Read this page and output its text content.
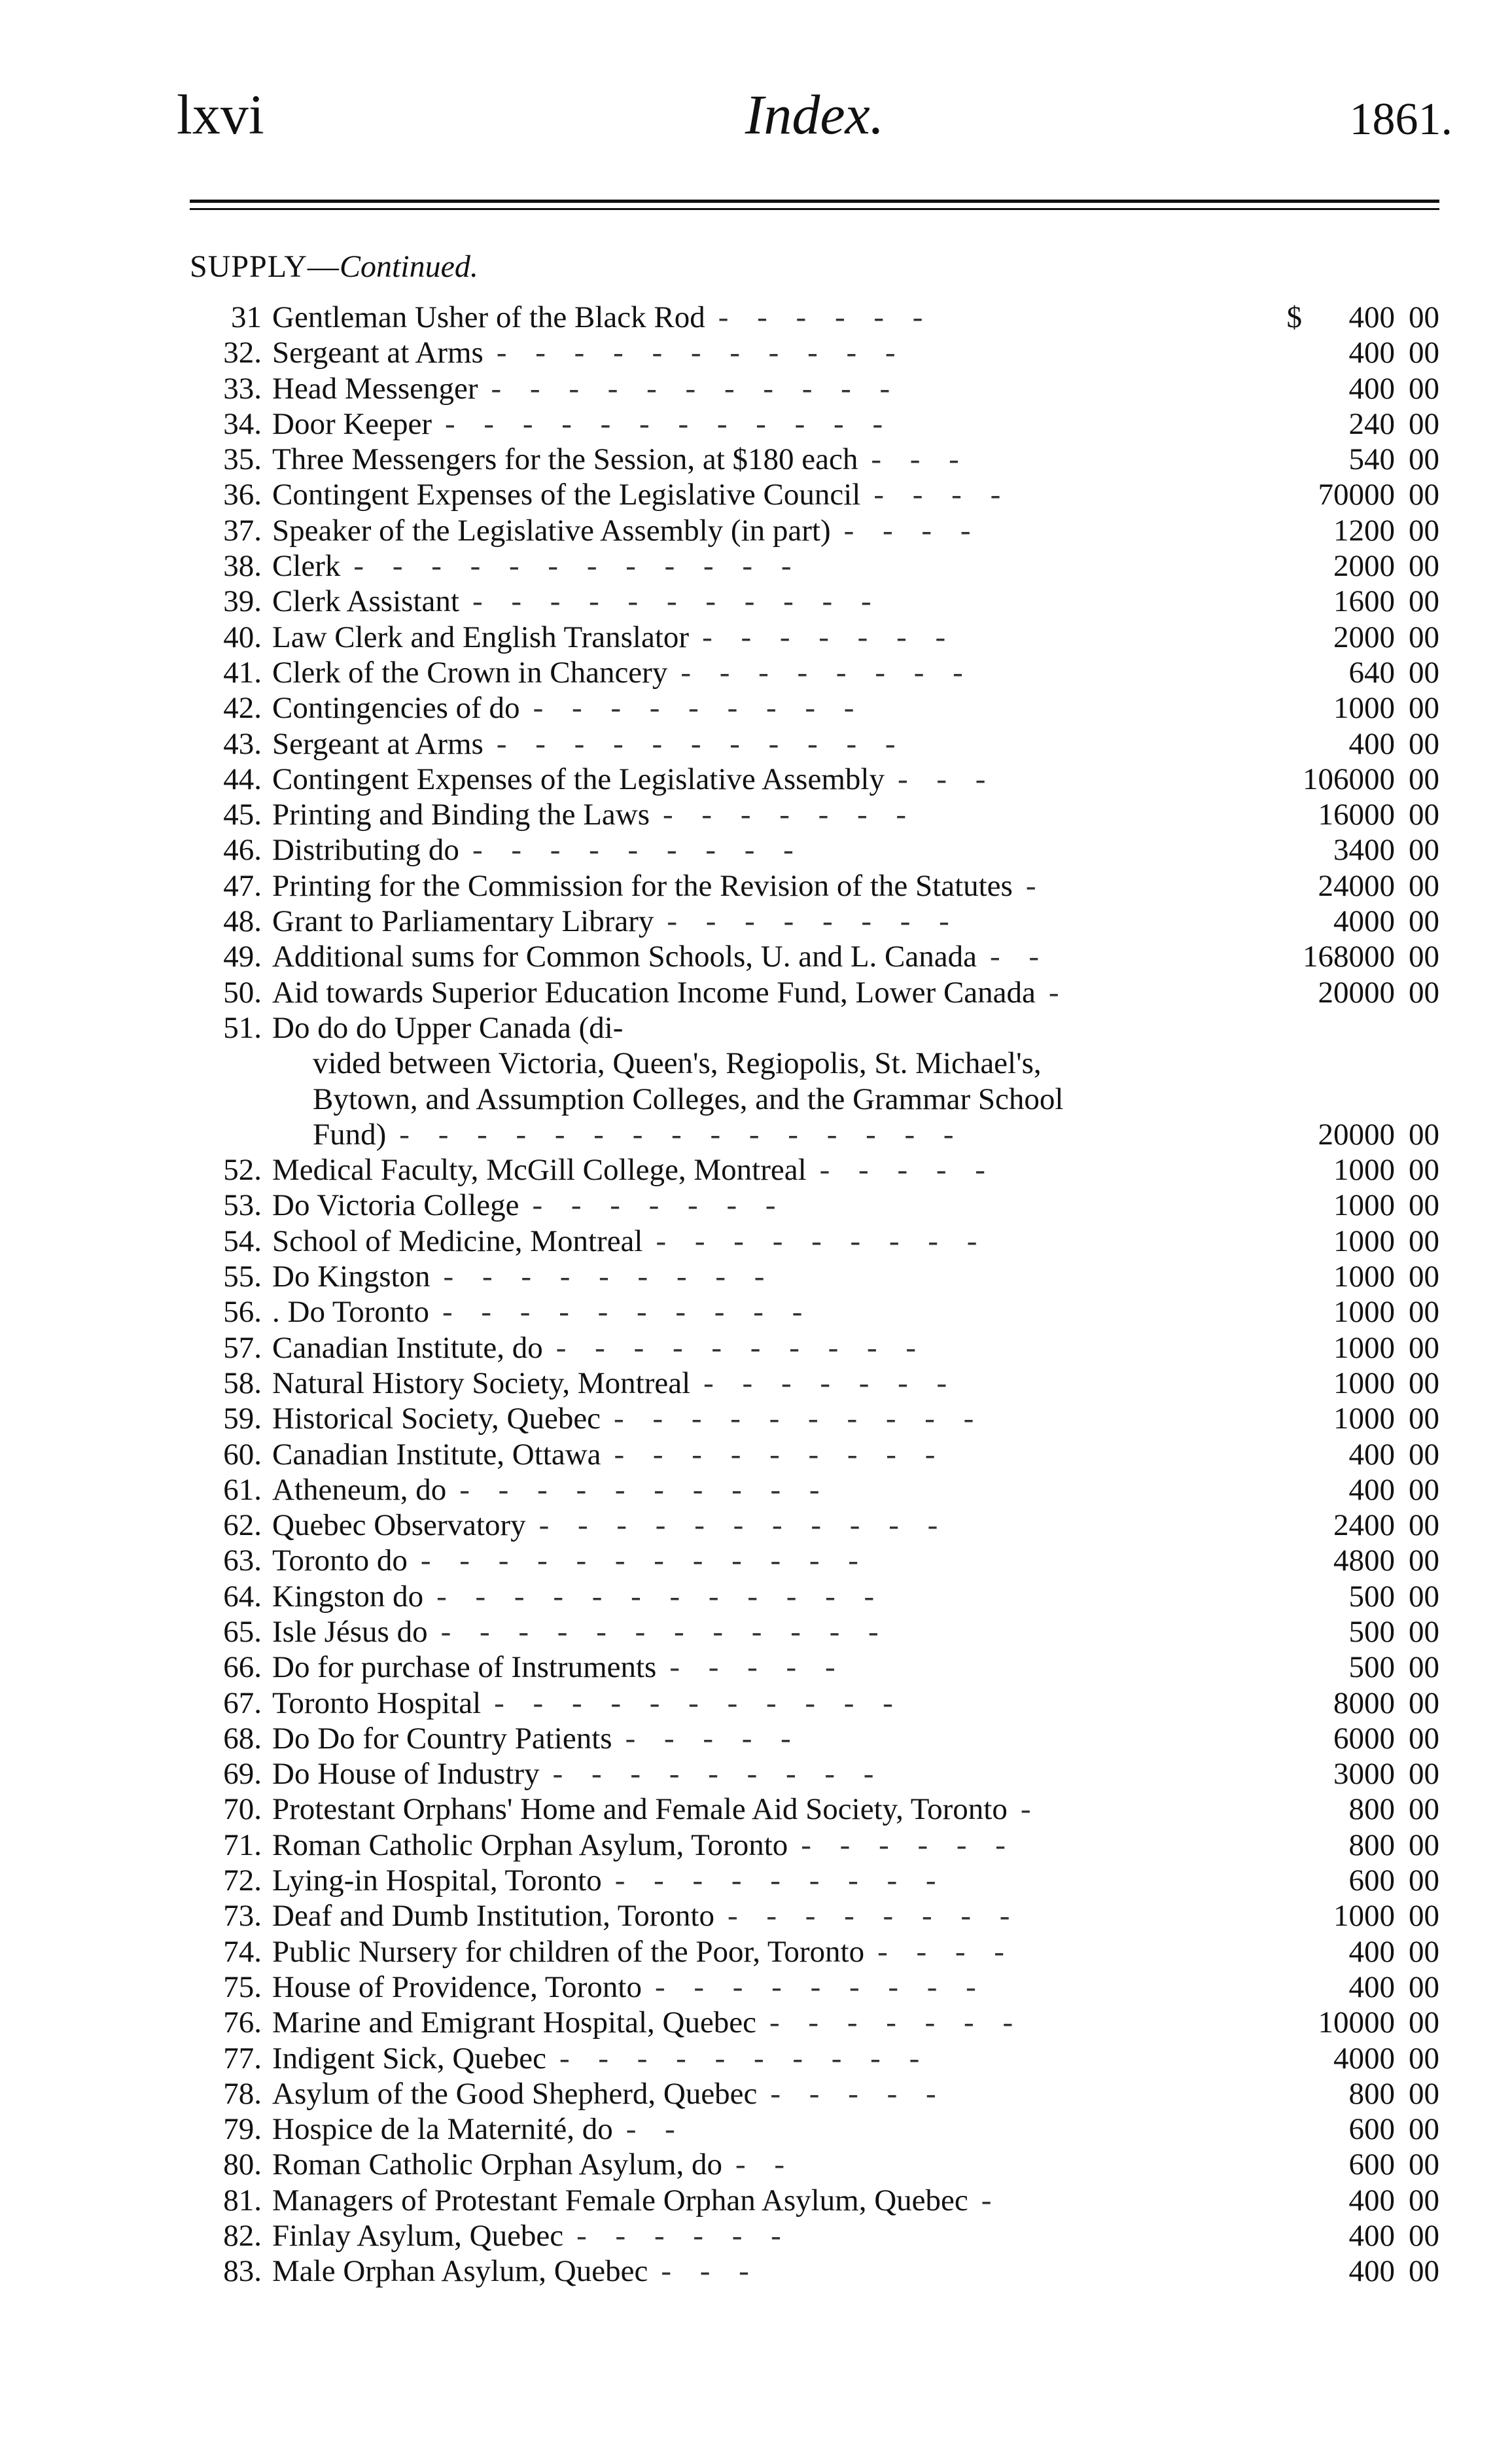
lxvi	Index.	1861.
SUPPLY—Continued.
31 Gentleman Usher of the Black Rod - - - - - -	$	400 00
32. Sergeant at Arms - - - - - - - - - - -	400 00
33. Head Messenger - - - - - - - - - - -	400 00
34. Door Keeper - - - - - - - - - - - -	240 00
35. Three Messengers for the Session, at $180 each - - -	540 00
36. Contingent Expenses of the Legislative Council - - - -	70000 00
37. Speaker of the Legislative Assembly (in part) - - - -	1200 00
38. Clerk - - - - - - - - - - - -	2000 00
39. Clerk Assistant - - - - - - - - - - -	1600 00
40. Law Clerk and English Translator - - - - - - -	2000 00
41. Clerk of the Crown in Chancery - - - - - - - -	640 00
42. Contingencies of do - - - - - - - - -	1000 00
43. Sergeant at Arms - - - - - - - - - - -	400 00
44. Contingent Expenses of the Legislative Assembly - - -	106000 00
45. Printing and Binding the Laws - - - - - - -	16000 00
46. Distributing do - - - - - - - - -	3400 00
47. Printing for the Commission for the Revision of the Statutes -	24000 00
48. Grant to Parliamentary Library - - - - - - - -	4000 00
49. Additional sums for Common Schools, U. and L. Canada - -	168000 00
50. Aid towards Superior Education Income Fund, Lower Canada -	20000 00
51. Do do do Upper Canada (di-
vided between Victoria, Queen's, Regiopolis, St. Michael's,
Bytown, and Assumption Colleges, and the Grammar School
Fund) - - - - - - - - - - - - - - -	20000 00
52. Medical Faculty, McGill College, Montreal - - - - -	1000 00
53. Do Victoria College - - - - - - -	1000 00
54. School of Medicine, Montreal - - - - - - - - -	1000 00
55. Do Kingston - - - - - - - - -	1000 00
56. . Do Toronto - - - - - - - - - -	1000 00
57. Canadian Institute, do - - - - - - - - - -	1000 00
58. Natural History Society, Montreal - - - - - - -	1000 00
59. Historical Society, Quebec - - - - - - - - - -	1000 00
60. Canadian Institute, Ottawa - - - - - - - - -	400 00
61. Atheneum, do - - - - - - - - - -	400 00
62. Quebec Observatory - - - - - - - - - - -	2400 00
63. Toronto do - - - - - - - - - - - -	4800 00
64. Kingston do - - - - - - - - - - - -	500 00
65. Isle Jésus do - - - - - - - - - - - -	500 00
66. Do for purchase of Instruments - - - - -	500 00
67. Toronto Hospital - - - - - - - - - - -	8000 00
68. Do Do for Country Patients - - - - -	6000 00
69. Do House of Industry - - - - - - - - -	3000 00
70. Protestant Orphans' Home and Female Aid Society, Toronto -	800 00
71. Roman Catholic Orphan Asylum, Toronto - - - - - -	800 00
72. Lying-in Hospital, Toronto - - - - - - - - -	600 00
73. Deaf and Dumb Institution, Toronto - - - - - - - -	1000 00
74. Public Nursery for children of the Poor, Toronto - - - -	400 00
75. House of Providence, Toronto - - - - - - - - -	400 00
76. Marine and Emigrant Hospital, Quebec - - - - - - -	10000 00
77. Indigent Sick, Quebec - - - - - - - - - -	4000 00
78. Asylum of the Good Shepherd, Quebec - - - - -	800 00
79. Hospice de la Maternité, do - -	600 00
80. Roman Catholic Orphan Asylum, do - -	600 00
81. Managers of Protestant Female Orphan Asylum, Quebec -	400 00
82. Finlay Asylum, Quebec - - - - - -	400 00
83. Male Orphan Asylum, Quebec - - -	400 00
